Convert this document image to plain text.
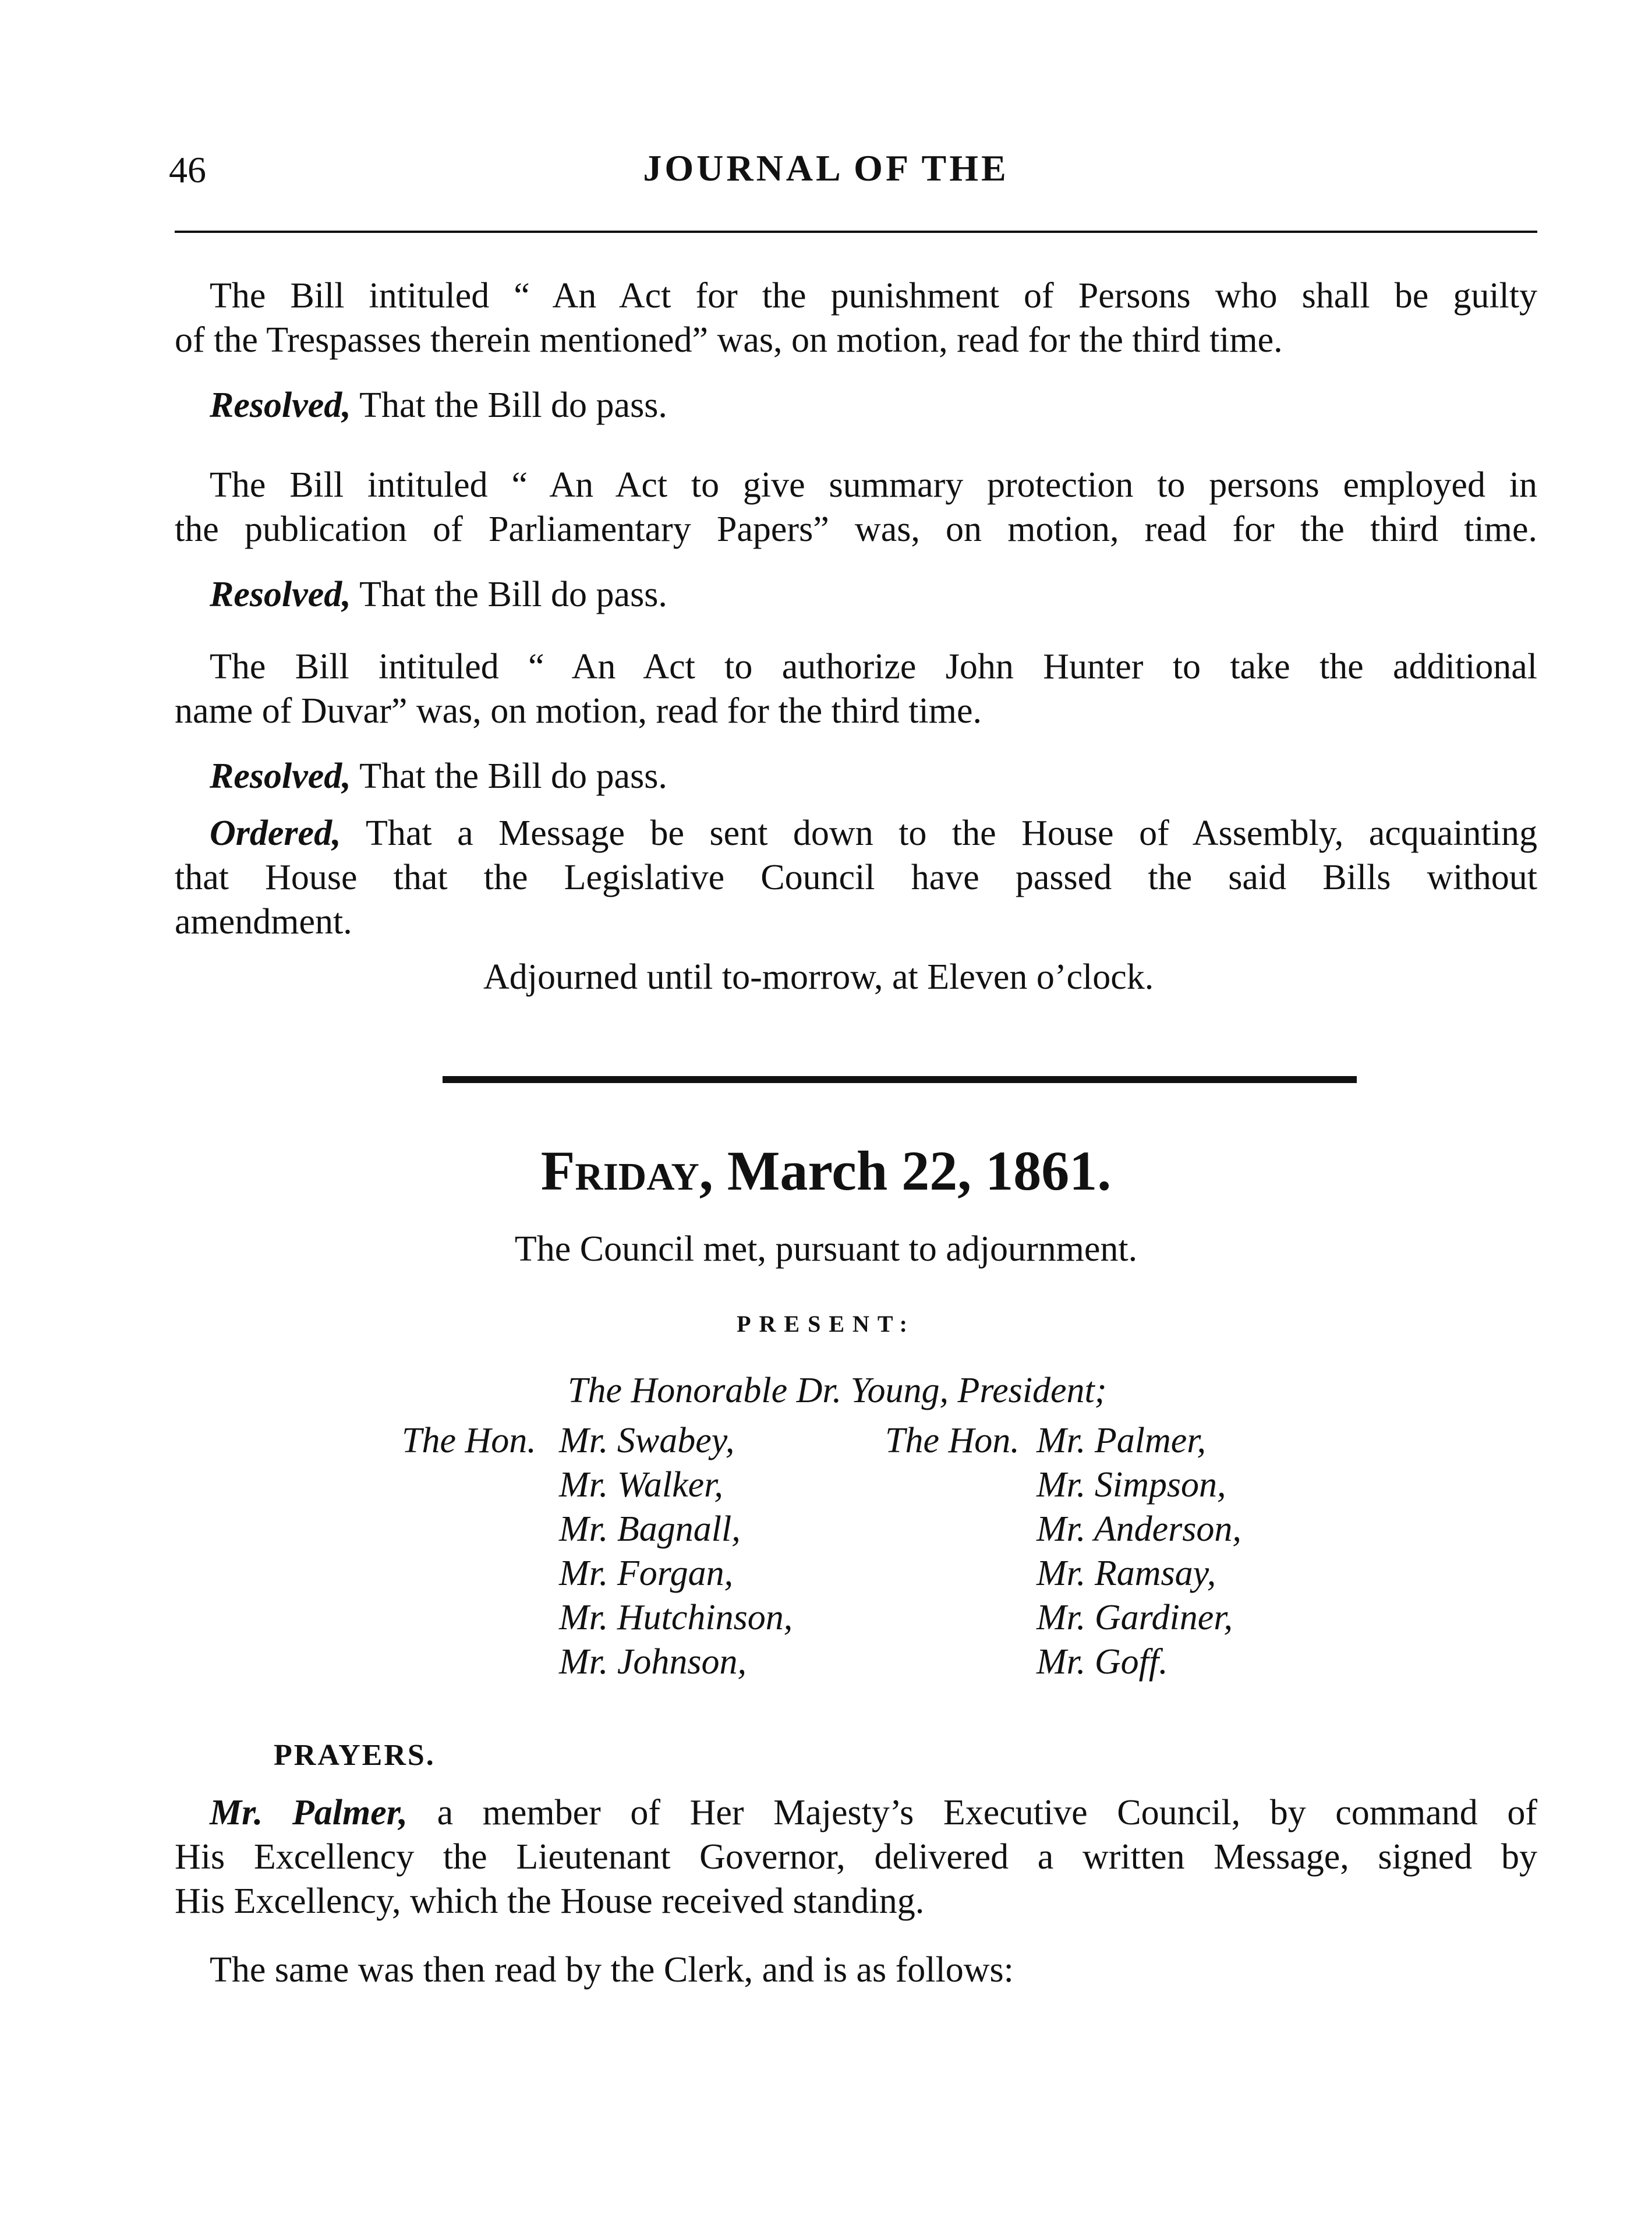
46	JOURNAL OF THE
The Bill intituled “ An Act for the punishment of Persons who shall be guilty
of the Trespasses therein mentioned” was, on motion, read for the third time.
Resolved, That the Bill do pass.
The Bill intituled “ An Act to give summary protection to persons employed in
the publication of Parliamentary Papers” was, on motion, read for the third time.
Resolved, That the Bill do pass.
The Bill intituled “ An Act to authorize John Hunter to take the additional
name of Duvar” was, on motion, read for the third time.
Resolved, That the Bill do pass.
Ordered, That a Message be sent down to the House of Assembly, acquainting
that House that the Legislative Council have passed the said Bills without
amendment.
Adjourned until to-morrow, at Eleven o’clock.
Friday, March 22, 1861.
The Council met, pursuant to adjournment.
PRESENT:
The Honorable Dr. Young, President;
The Hon.	The Hon.
Mr. Swabey,
Mr. Walker,
Mr. Bagnall,
Mr. Forgan,
Mr. Hutchinson,
Mr. Johnson,
Mr. Palmer,
Mr. Simpson,
Mr. Anderson,
Mr. Ramsay,
Mr. Gardiner,
Mr. Goff.
PRAYERS.
Mr. Palmer, a member of Her Majesty’s Executive Council, by command of
His Excellency the Lieutenant Governor, delivered a written Message, signed by
His Excellency, which the House received standing.
The same was then read by the Clerk, and is as follows:
